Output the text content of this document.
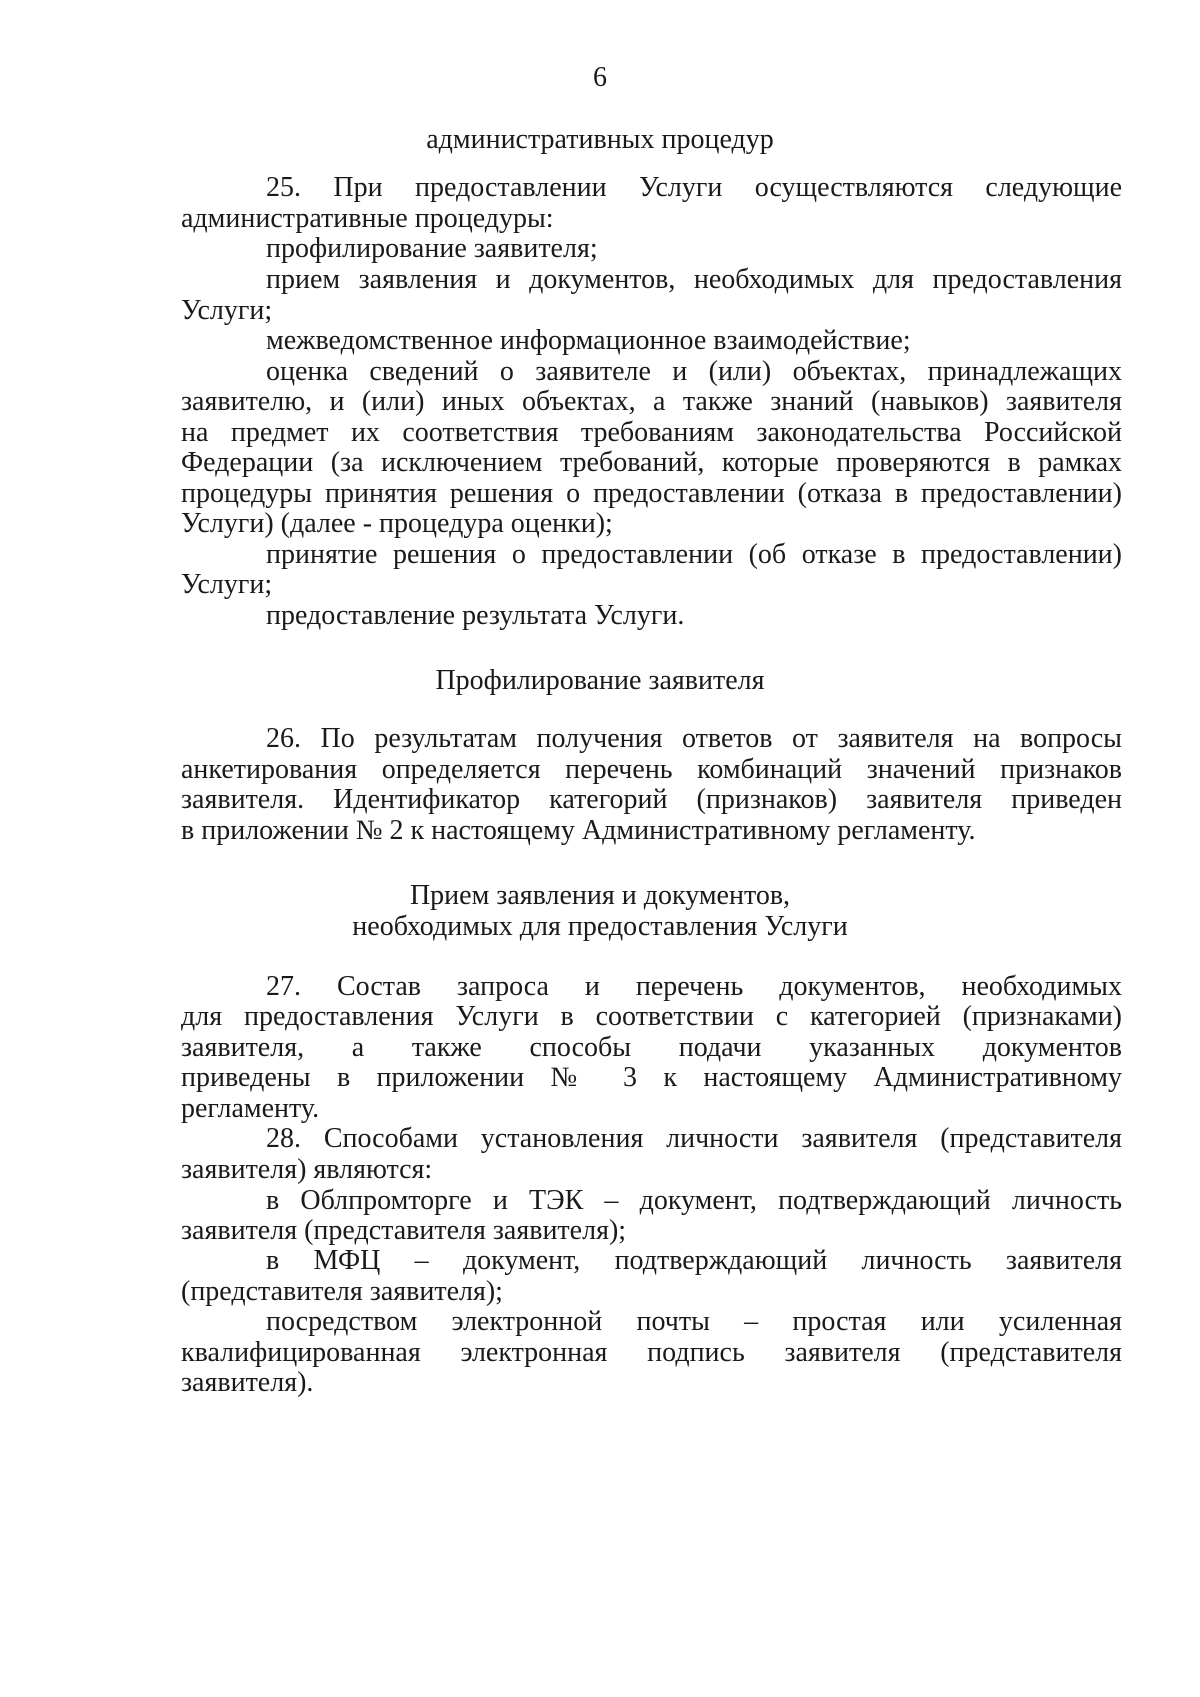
6
административных процедур
25. При предоставлении Услуги осуществляются следующие
административные процедуры:
профилирование заявителя;
прием заявления и документов, необходимых для предоставления
Услуги;
межведомственное информационное взаимодействие;
оценка сведений о заявителе и (или) объектах, принадлежащих
заявителю, и (или) иных объектах, а также знаний (навыков) заявителя
на предмет их соответствия требованиям законодательства Российской
Федерации (за исключением требований, которые проверяются в рамках
процедуры принятия решения о предоставлении (отказа в предоставлении)
Услуги) (далее - процедура оценки);
принятие решения о предоставлении (об отказе в предоставлении)
Услуги;
предоставление результата Услуги.
Профилирование заявителя
26. По результатам получения ответов от заявителя на вопросы
анкетирования определяется перечень комбинаций значений признаков
заявителя. Идентификатор категорий (признаков) заявителя приведен
в приложении № 2 к настоящему Административному регламенту.
Прием заявления и документов,
необходимых для предоставления Услуги
27. Состав запроса и перечень документов, необходимых
для предоставления Услуги в соответствии с категорией (признаками)
заявителя, а также способы подачи указанных документов
приведены в приложении № 3 к настоящему Административному
регламенту.
28. Способами установления личности заявителя (представителя
заявителя) являются:
в Облпромторге и ТЭК – документ, подтверждающий личность
заявителя (представителя заявителя);
в МФЦ – документ, подтверждающий личность заявителя
(представителя заявителя);
посредством электронной почты – простая или усиленная
квалифицированная электронная подпись заявителя (представителя
заявителя).
